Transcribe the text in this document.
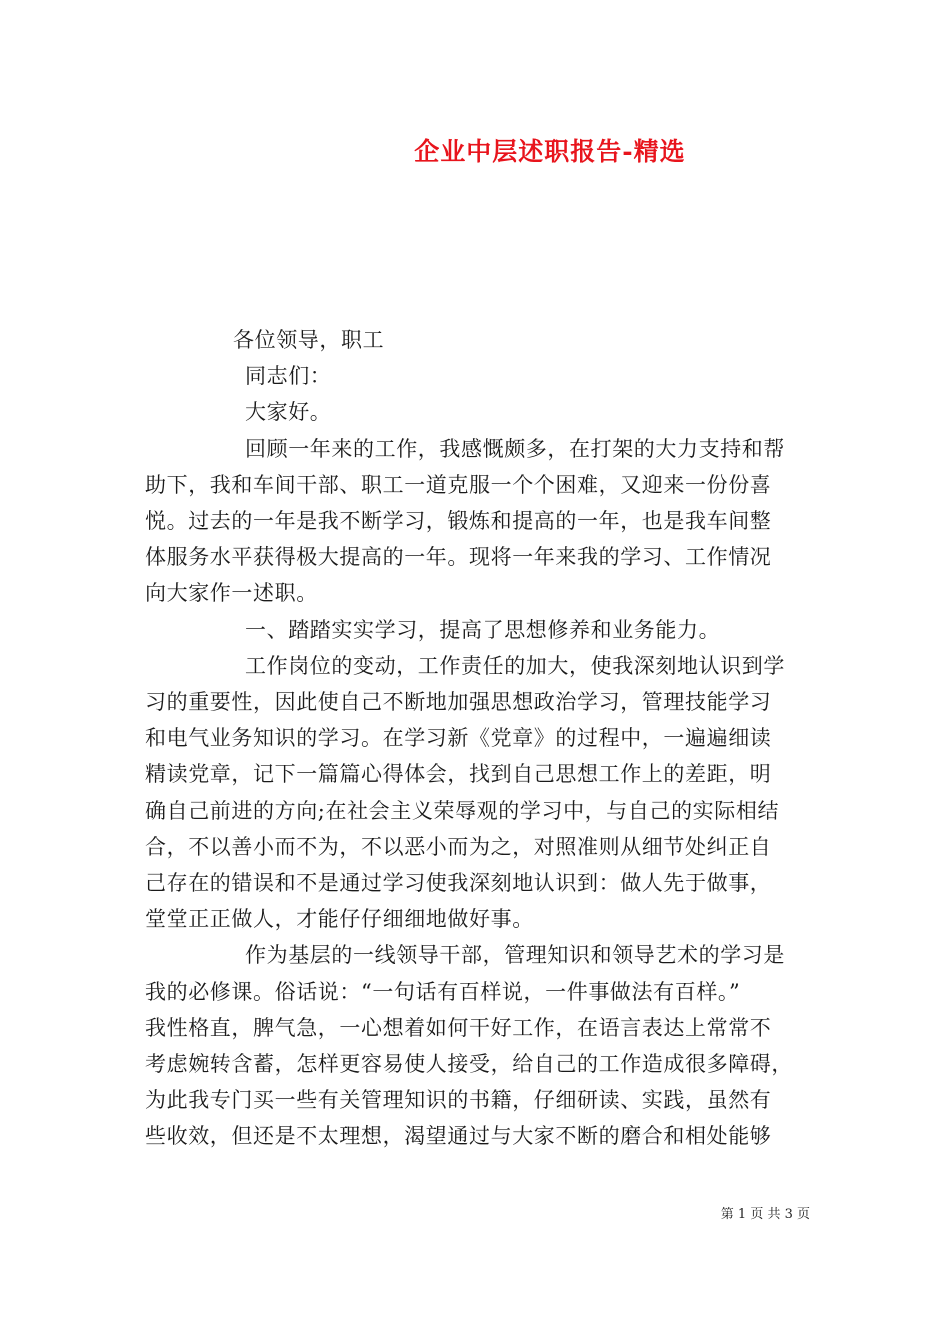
企业中层述职报告-精选
各位领导，职工
同志们：
大家好。
回顾一年来的工作，我感慨颇多，在打架的大力支持和帮
助下，我和车间干部、职工一道克服一个个困难，又迎来一份份喜
悦。过去的一年是我不断学习，锻炼和提高的一年，也是我车间整
体服务水平获得极大提高的一年。现将一年来我的学习、工作情况
向大家作一述职。
一、踏踏实实学习，提高了思想修养和业务能力。
工作岗位的变动，工作责任的加大，使我深刻地认识到学
习的重要性，因此使自己不断地加强思想政治学习，管理技能学习
和电气业务知识的学习。在学习新《党章》的过程中，一遍遍细读
精读党章，记下一篇篇心得体会，找到自己思想工作上的差距，明
确自己前进的方向;在社会主义荣辱观的学习中，与自己的实际相结
合，不以善小而不为，不以恶小而为之，对照准则从细节处纠正自
己存在的错误和不是通过学习使我深刻地认识到：做人先于做事，
堂堂正正做人，才能仔仔细细地做好事。
作为基层的一线领导干部，管理知识和领导艺术的学习是
我的必修课。俗话说：“一句话有百样说，一件事做法有百样。”
我性格直，脾气急，一心想着如何干好工作，在语言表达上常常不
考虑婉转含蓄，怎样更容易使人接受，给自己的工作造成很多障碍，
为此我专门买一些有关管理知识的书籍，仔细研读、实践，虽然有
些收效，但还是不太理想，渴望通过与大家不断的磨合和相处能够
第 1 页 共 3 页
